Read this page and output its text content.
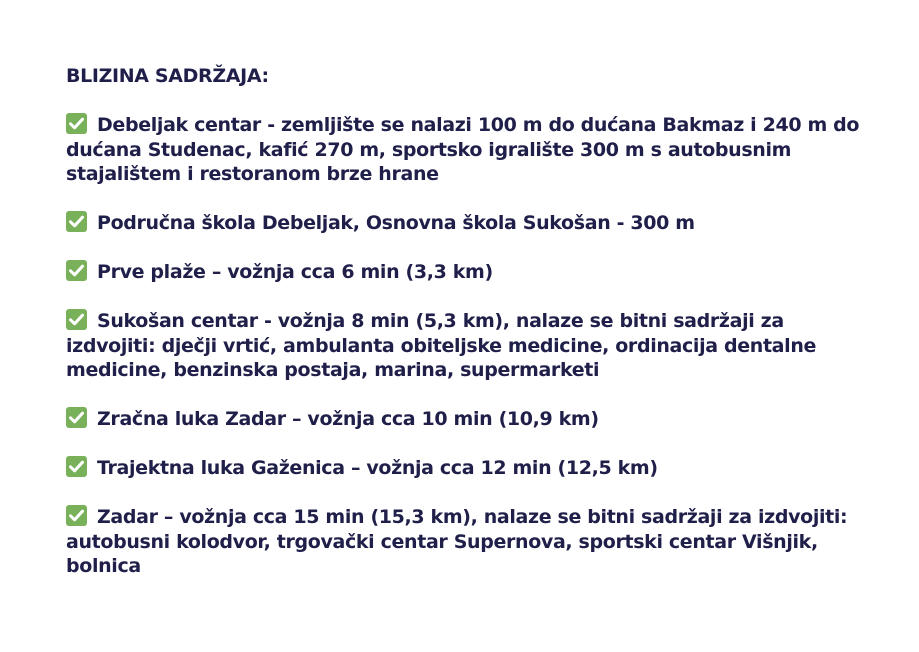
BLIZINA SADRŽAJA:
Debeljak centar - zemljište se nalazi 100 m do dućana Bakmaz i 240 m do dućana Studenac, kafić 270 m, sportsko igralište 300 m s autobusnim stajalištem i restoranom brze hrane
Područna škola Debeljak, Osnovna škola Sukošan - 300 m
Prve plaže – vožnja cca 6 min (3,3 km)
Sukošan centar - vožnja 8 min (5,3 km), nalaze se bitni sadržaji za izdvojiti: dječji vrtić, ambulanta obiteljske medicine, ordinacija dentalne medicine, benzinska postaja, marina, supermarketi
Zračna luka Zadar – vožnja cca 10 min (10,9 km)
Trajektna luka Gaženica – vožnja cca 12 min (12,5 km)
Zadar – vožnja cca 15 min (15,3 km), nalaze se bitni sadržaji za izdvojiti: autobusni kolodvor, trgovački centar Supernova, sportski centar Višnjik, bolnica
